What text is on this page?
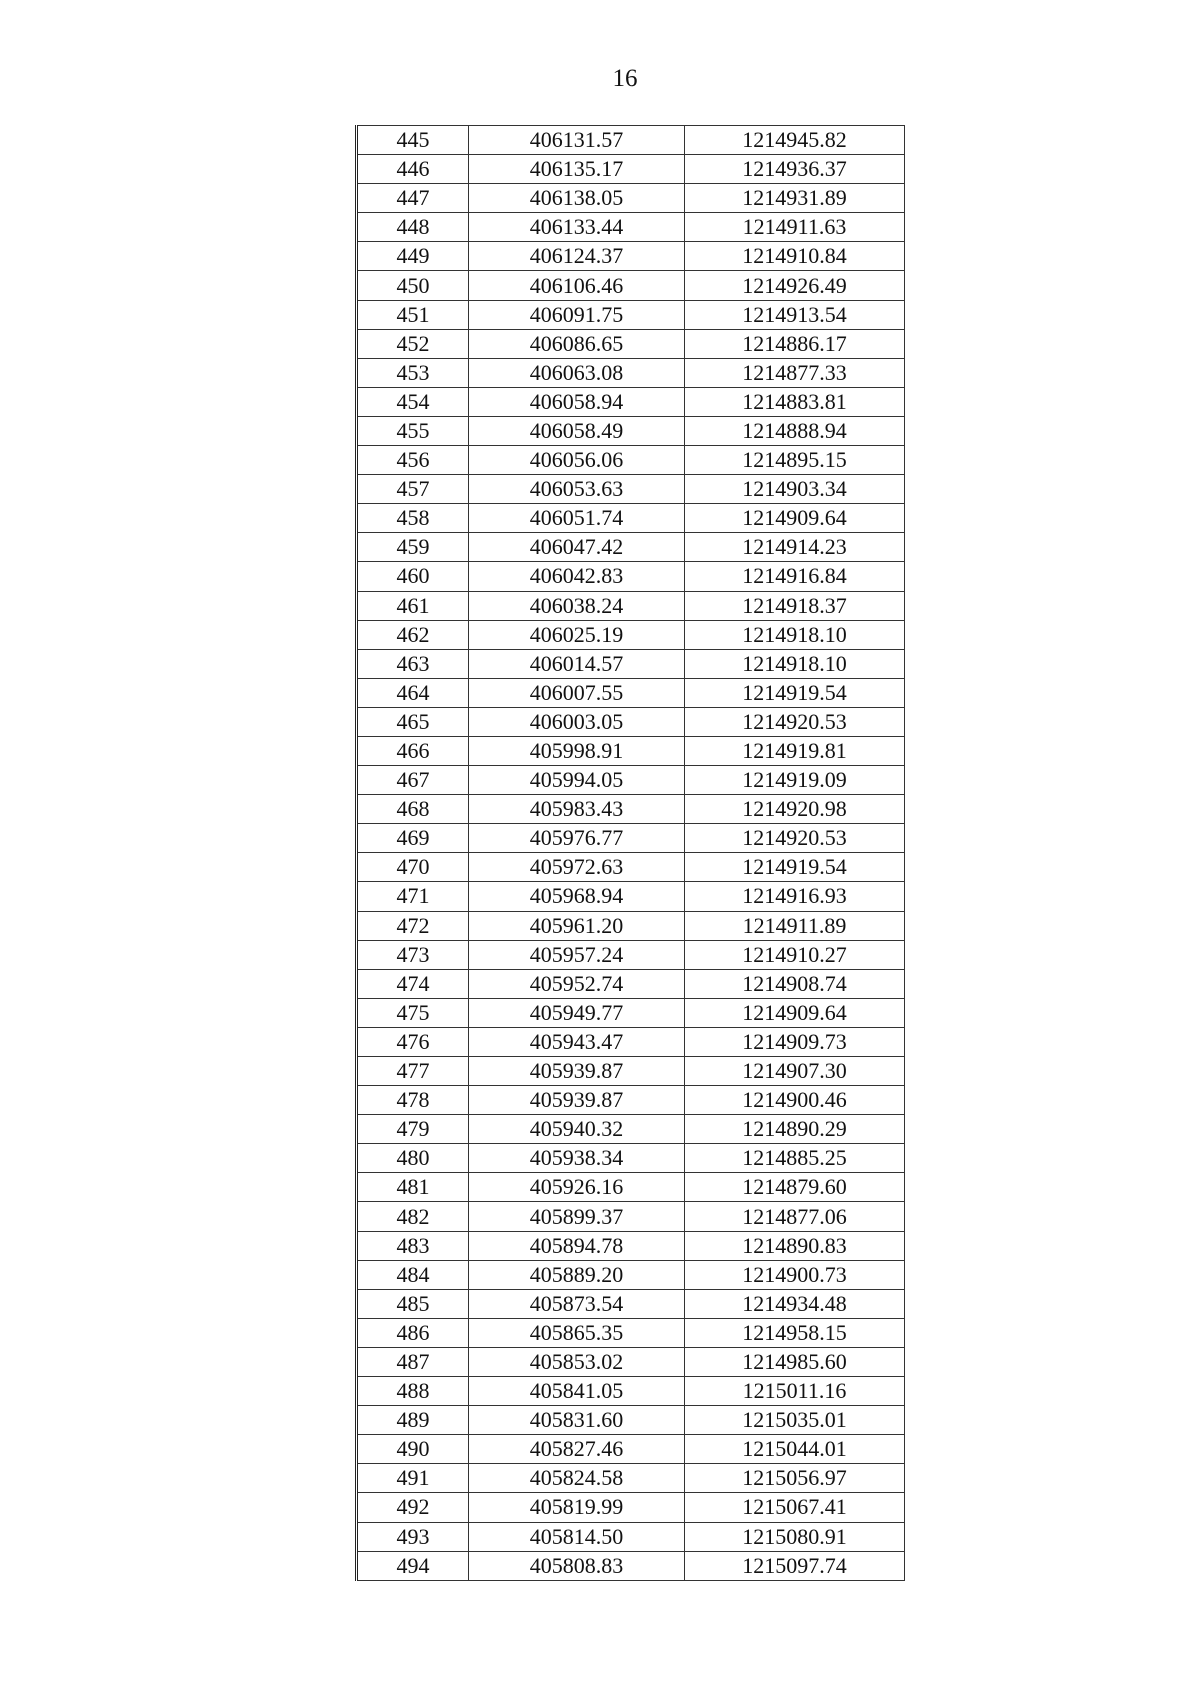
16
445	406131.57	1214945.82
446	406135.17	1214936.37
447	406138.05	1214931.89
448	406133.44	1214911.63
449	406124.37	1214910.84
450	406106.46	1214926.49
451	406091.75	1214913.54
452	406086.65	1214886.17
453	406063.08	1214877.33
454	406058.94	1214883.81
455	406058.49	1214888.94
456	406056.06	1214895.15
457	406053.63	1214903.34
458	406051.74	1214909.64
459	406047.42	1214914.23
460	406042.83	1214916.84
461	406038.24	1214918.37
462	406025.19	1214918.10
463	406014.57	1214918.10
464	406007.55	1214919.54
465	406003.05	1214920.53
466	405998.91	1214919.81
467	405994.05	1214919.09
468	405983.43	1214920.98
469	405976.77	1214920.53
470	405972.63	1214919.54
471	405968.94	1214916.93
472	405961.20	1214911.89
473	405957.24	1214910.27
474	405952.74	1214908.74
475	405949.77	1214909.64
476	405943.47	1214909.73
477	405939.87	1214907.30
478	405939.87	1214900.46
479	405940.32	1214890.29
480	405938.34	1214885.25
481	405926.16	1214879.60
482	405899.37	1214877.06
483	405894.78	1214890.83
484	405889.20	1214900.73
485	405873.54	1214934.48
486	405865.35	1214958.15
487	405853.02	1214985.60
488	405841.05	1215011.16
489	405831.60	1215035.01
490	405827.46	1215044.01
491	405824.58	1215056.97
492	405819.99	1215067.41
493	405814.50	1215080.91
494	405808.83	1215097.74
